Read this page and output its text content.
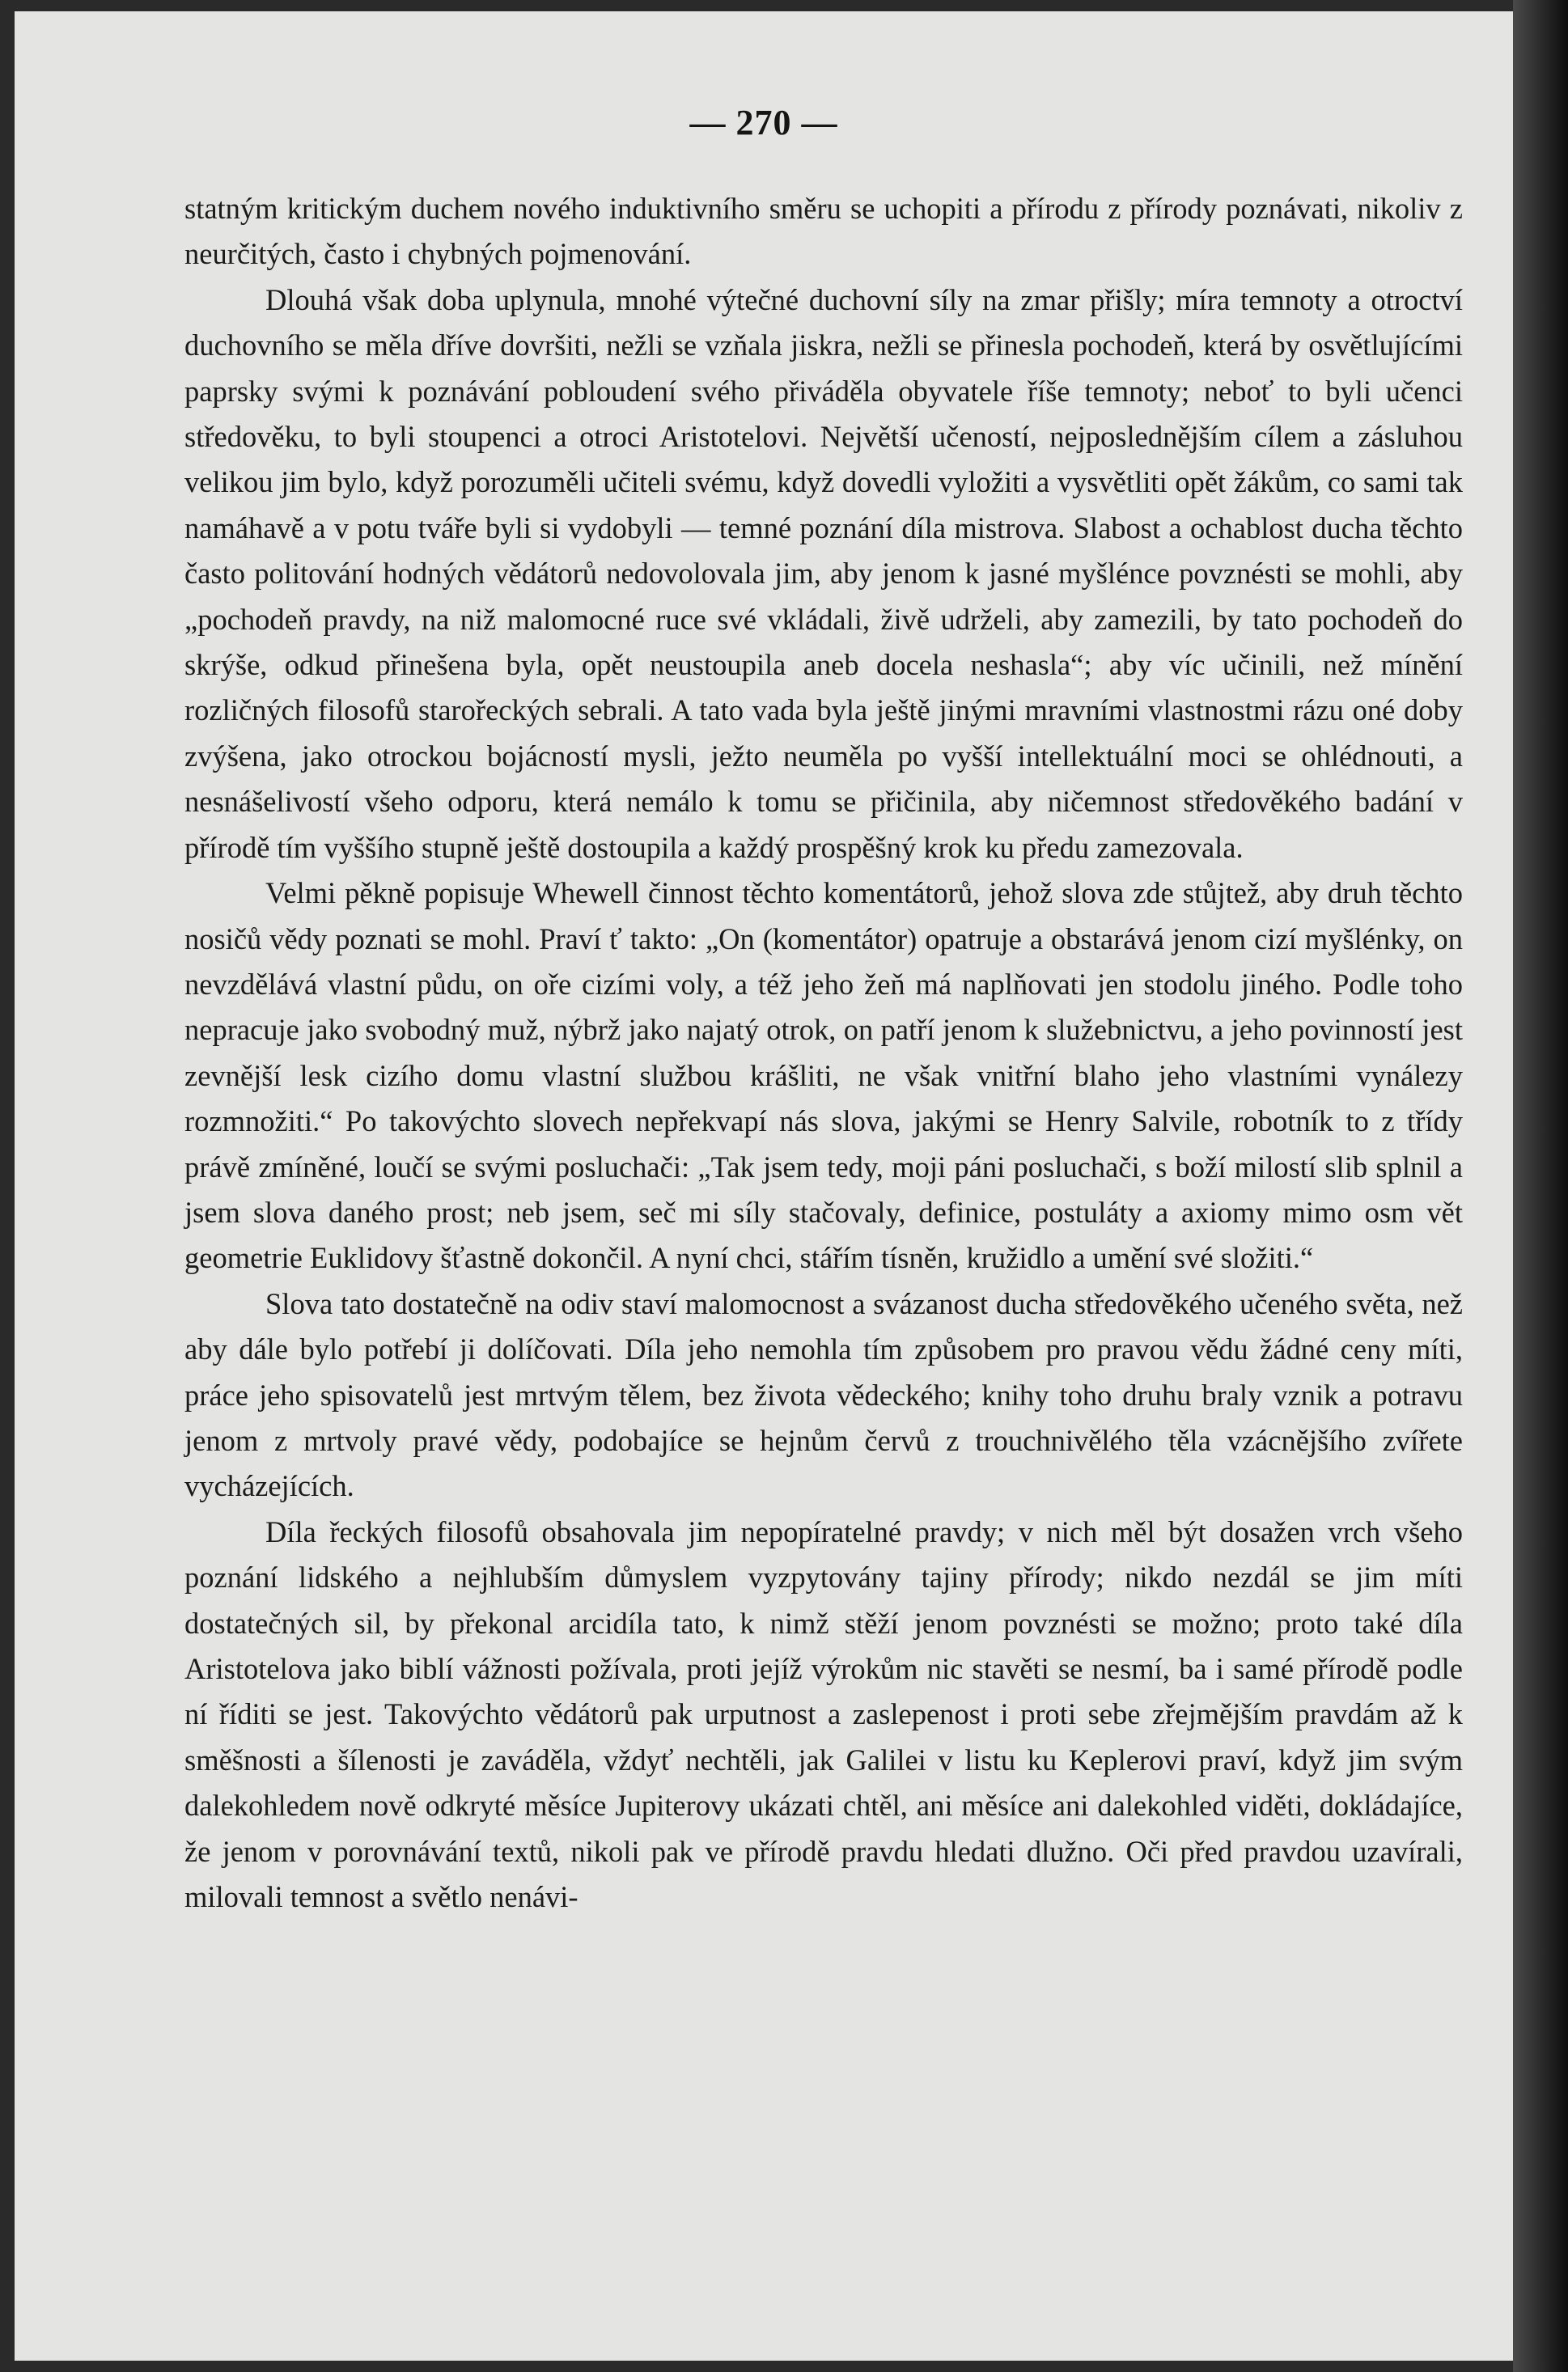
— 270 —

statným kritickým duchem nového induktivního směru se uchopiti a přírodu z přírody poznávati, nikoliv z neurčitých, často i chybných pojmenování.

Dlouhá však doba uplynula, mnohé výtečné duchovní síly na zmar přišly; míra temnoty a otroctví duchovního se měla dříve dovršiti, nežli se vzňala jiskra, nežli se přinesla pochodeň, která by osvětlujícími paprsky svými k poznávání pobloudení svého přiváděla obyvatele říše temnoty; neboť to byli učenci středověku, to byli stoupenci a otroci Aristotelovi. Největší učeností, nejposlednějším cílem a zásluhou velikou jim bylo, když porozuměli učiteli svému, když dovedli vyložiti a vysvětliti opět žákům, co sami tak namáhavě a v potu tváře byli si vydobyli — temné poznání díla mistrova. Slabost a ochablost ducha těchto často politování hodných vědátorů nedovolovala jim, aby jenom k jasné myšlénce povznésti se mohli, aby „pochodeň pravdy, na niž malomocné ruce své vkládali, živě udrželi, aby zamezili, by tato pochodeň do skrýše, odkud přinešena byla, opět neustoupila aneb docela neshasla“; aby víc učinili, než mínění rozličných filosofů starořeckých sebrali. A tato vada byla ještě jinými mravními vlastnostmi rázu oné doby zvýšena, jako otrockou bojácností mysli, ježto neuměla po vyšší intellektuální moci se ohlédnouti, a nesnášelivostí všeho odporu, která nemálo k tomu se přičinila, aby ničemnost středověkého badání v přírodě tím vyššího stupně ještě dostoupila a každý prospěšný krok ku předu zamezovala.

Velmi pěkně popisuje Whewell činnost těchto komentátorů, jehož slova zde stůjtež, aby druh těchto nosičů vědy poznati se mohl. Praví ť takto: „On (komentátor) opatruje a obstarává jenom cizí myšlénky, on nevzdělává vlastní půdu, on oře cizími voly, a též jeho žeň má naplňovati jen stodolu jiného. Podle toho nepracuje jako svobodný muž, nýbrž jako najatý otrok, on patří jenom k služebnictvu, a jeho povinností jest zevnější lesk cizího domu vlastní službou krášliti, ne však vnitřní blaho jeho vlastními vynálezy rozmnožiti.“ Po takovýchto slovech nepřekvapí nás slova, jakými se Henry Salvile, robotník to z třídy právě zmíněné, loučí se svými posluchači: „Tak jsem tedy, moji páni posluchači, s boží milostí slib splnil a jsem slova daného prost; neb jsem, seč mi síly stačovaly, definice, postuláty a axiomy mimo osm vět geometrie Euklidovy šťastně dokončil. A nyní chci, stářím tísněn, kružidlo a umění své složiti.“

Slova tato dostatečně na odiv staví malomocnost a svázanost ducha středověkého učeného světa, než aby dále bylo potřebí ji dolíčovati. Díla jeho nemohla tím způsobem pro pravou vědu žádné ceny míti, práce jeho spisovatelů jest mrtvým tělem, bez života vědeckého; knihy toho druhu braly vznik a potravu jenom z mrtvoly pravé vědy, podobajíce se hejnům červů z trouchnivělého těla vzácnějšího zvířete vycházejících.

Díla řeckých filosofů obsahovala jim nepopíratelné pravdy; v nich měl být dosažen vrch všeho poznání lidského a nejhlubším důmyslem vyzpytovány tajiny přírody; nikdo nezdál se jim míti dostatečných sil, by překonal arcidíla tato, k nimž stěží jenom povznésti se možno; proto také díla Aristotelova jako biblí vážnosti požívala, proti jejíž výrokům nic stavěti se nesmí, ba i samé přírodě podle ní říditi se jest. Takovýchto vědátorů pak urputnost a zaslepenost i proti sebe zřejmějším pravdám až k směšnosti a šílenosti je zaváděla, vždyť nechtěli, jak Galilei v listu ku Keplerovi praví, když jim svým dalekohledem nově odkryté měsíce Jupiterovy ukázati chtěl, ani měsíce ani dalekohled viděti, dokládajíce, že jenom v porovnávání textů, nikoli pak ve přírodě pravdu hledati dlužno. Oči před pravdou uzavírali, milovali temnost a světlo nenávi-
